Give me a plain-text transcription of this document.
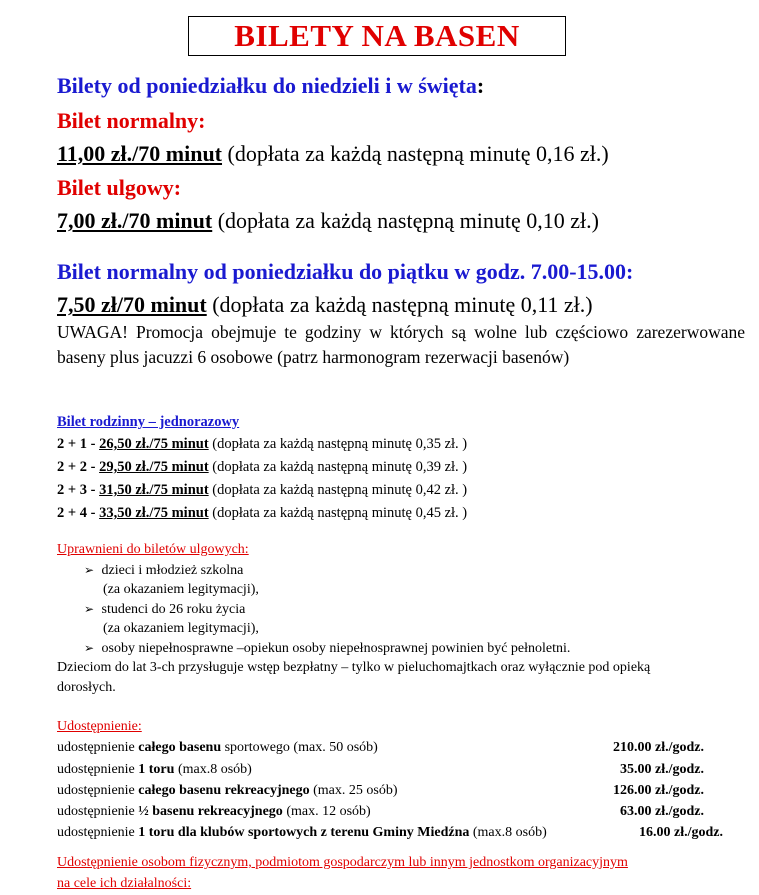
BILETY NA BASEN
Bilety od poniedziałku do niedzieli i w święta:
Bilet normalny:
11,00 zł./70 minut (dopłata za każdą następną minutę 0,16 zł.)
Bilet ulgowy:
7,00 zł./70 minut (dopłata za każdą następną minutę 0,10 zł.)
Bilet normalny od poniedziałku do piątku w godz. 7.00-15.00:
7,50 zł/70 minut (dopłata za każdą następną minutę 0,11 zł.)
UWAGA! Promocja obejmuje te godziny w których są wolne lub częściowo zarezerwowane baseny plus jacuzzi 6 osobowe (patrz harmonogram rezerwacji basenów)
Bilet rodzinny – jednorazowy
2 + 1 - 26,50 zł./75 minut (dopłata za każdą następną minutę 0,35 zł. )
2 + 2 - 29,50 zł./75 minut (dopłata za każdą następną minutę 0,39 zł. )
2 + 3 - 31,50 zł./75 minut (dopłata za każdą następną minutę 0,42 zł. )
2 + 4 - 33,50 zł./75 minut (dopłata za każdą następną minutę 0,45 zł. )
Uprawnieni do biletów ulgowych:
➢ dzieci i młodzież szkolna
(za okazaniem legitymacji),
➢ studenci do 26 roku życia
(za okazaniem legitymacji),
➢ osoby niepełnosprawne –opiekun osoby niepełnosprawnej powinien być pełnoletni.
Dzieciom do lat 3-ch przysługuje wstęp bezpłatny – tylko w pieluchomajtkach oraz wyłącznie pod opieką
dorosłych.
Udostępnienie:
udostępnienie całego basenu sportowego (max. 50 osób)	210.00 zł./godz.
udostępnienie 1 toru (max.8 osób)	35.00 zł./godz.
udostępnienie całego basenu rekreacyjnego (max. 25 osób)	126.00 zł./godz.
udostępnienie ½ basenu rekreacyjnego (max. 12 osób)	63.00 zł./godz.
udostępnienie 1 toru dla klubów sportowych z terenu Gminy Miedźna (max.8 osób)	16.00 zł./godz.
Udostępnienie osobom fizycznym, podmiotom gospodarczym lub innym jednostkom organizacyjnym
na cele ich działalności:
